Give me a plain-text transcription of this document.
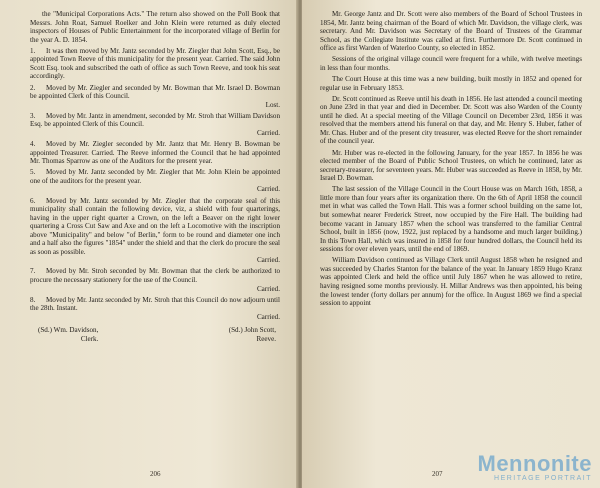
the "Municipal Corporations Acts." The return also showed on the Poll Book that Messrs. John Roat, Samuel Roelker and John Klein were returned as duly elected inspectors of Houses of Public Entertainment for the incorporated village of Berlin for the year A. D. 1854.

1. It was then moved by Mr. Jantz seconded by Mr. Ziegler that John Scott, Esq., be appointed Town Reeve of this municipality for the present year. Carried. The said John Scott Esq. took and subscribed the oath of office as such Town Reeve, and took his seat accordingly.

2. Moved by Mr. Ziegler and seconded by Mr. Bowman that Mr. Israel D. Bowman be appointed Clerk of this Council.
Lost.

3. Moved by Mr. Jantz in amendment, seconded by Mr. Stroh that William Davidson Esq. be appointed Clerk of this Council.
Carried.

4. Moved by Mr. Ziegler seconded by Mr. Jantz that Mr. Henry B. Bowman be appointed Treasurer. Carried. The Reeve informed the Council that he had appointed Mr. Thomas Sparrow as one of the Auditors for the present year.

5. Moved by Mr. Jantz seconded by Mr. Ziegler that Mr. John Klein be appointed one of the auditors for the present year.
Carried.

6. Moved by Mr. Jantz seconded by Mr. Ziegler that the corporate seal of this municipality shall contain the following device, viz, a shield with four quarterings, having in the upper right quarter a Crown, on the left a Beaver on the right lower quartering a Cross Cut Saw and Axe and on the left a Locomotive with the inscription above "Municipality" and below "of Berlin," form to be round and diameter one inch and a half also the figures "1854" under the shield and that the clerk do procure the seal as soon as possible.
Carried.

7. Moved by Mr. Stroh seconded by Mr. Bowman that the clerk be authorized to procure the necessary stationery for the use of the Council.
Carried.

8. Moved by Mr. Jantz seconded by Mr. Stroh that this Council do now adjourn until the 28th. Instant.
Carried.

(Sd.) Wm. Davidson,
Clerk.
(Sd.) John Scott,
Reeve.
206

Mr. George Jantz and Dr. Scott were also members of the Board of School Trustees in 1854, Mr. Jantz being chairman of the Board of which Mr. Davidson, the village clerk, was secretary. And Mr. Davidson was Secretary of the Board of Trustees of the Grammar School, as the Collegiate Institute was called at first. Furthermore Dr. Scott continued in office as first Warden of Waterloo County, so elected in 1852.

Sessions of the original village council were frequent for a while, with twelve meetings in less than four months.

The Court House at this time was a new building, built mostly in 1852 and opened for regular use in February 1853.

Dr. Scott continued as Reeve until his death in 1856. He last attended a council meeting on June 23rd in that year and died in December. Dr. Scott was also Warden of the County until he died. At a special meeting of the Village Council on December 23rd, 1856 it was resolved that the members attend his funeral on that day, and Mr. Henry S. Huber, father of Mr. Chas. Huber and of the present city treasurer, was elected Reeve for the short remainder of the council year.

Mr. Huber was re-elected in the following January, for the year 1857. In 1856 he was elected member of the Board of Public School Trustees, on which he continued, later as secretary-treasurer, for seventeen years. Mr. Huber was succeeded as Reeve in 1858, by Mr. Israel D. Bowman.

The last session of the Village Council in the Court House was on March 16th, 1858, a little more than four years after its organization there. On the 6th of April 1858 the council met in what was called the Town Hall. This was a former school building on the same lot, but somewhat nearer Frederick Street, now occupied by the Fire Hall. The building had become vacant in January 1857 when the school was transferred to the familiar Central School, built in 1856 (now, 1922, just replaced by a handsome and much larger building.) In this Town Hall, which was insured in 1858 for four hundred dollars, the Council held its sessions for over eleven years, until the end of 1869.

William Davidson continued as Village Clerk until August 1858 when he resigned and was succeeded by Charles Stanton for the balance of the year. In January 1859 Hugo Kranz was appointed Clerk and held the office until July 1867 when he was allowed to retire, having resigned some months previously. H. Millar Andrews was then appointed, his being the lowest tender (forty dollars per annum) for the office. In August 1869 we find a special session to appoint

207 Mennonite
HERITAGE PORTRAIT
